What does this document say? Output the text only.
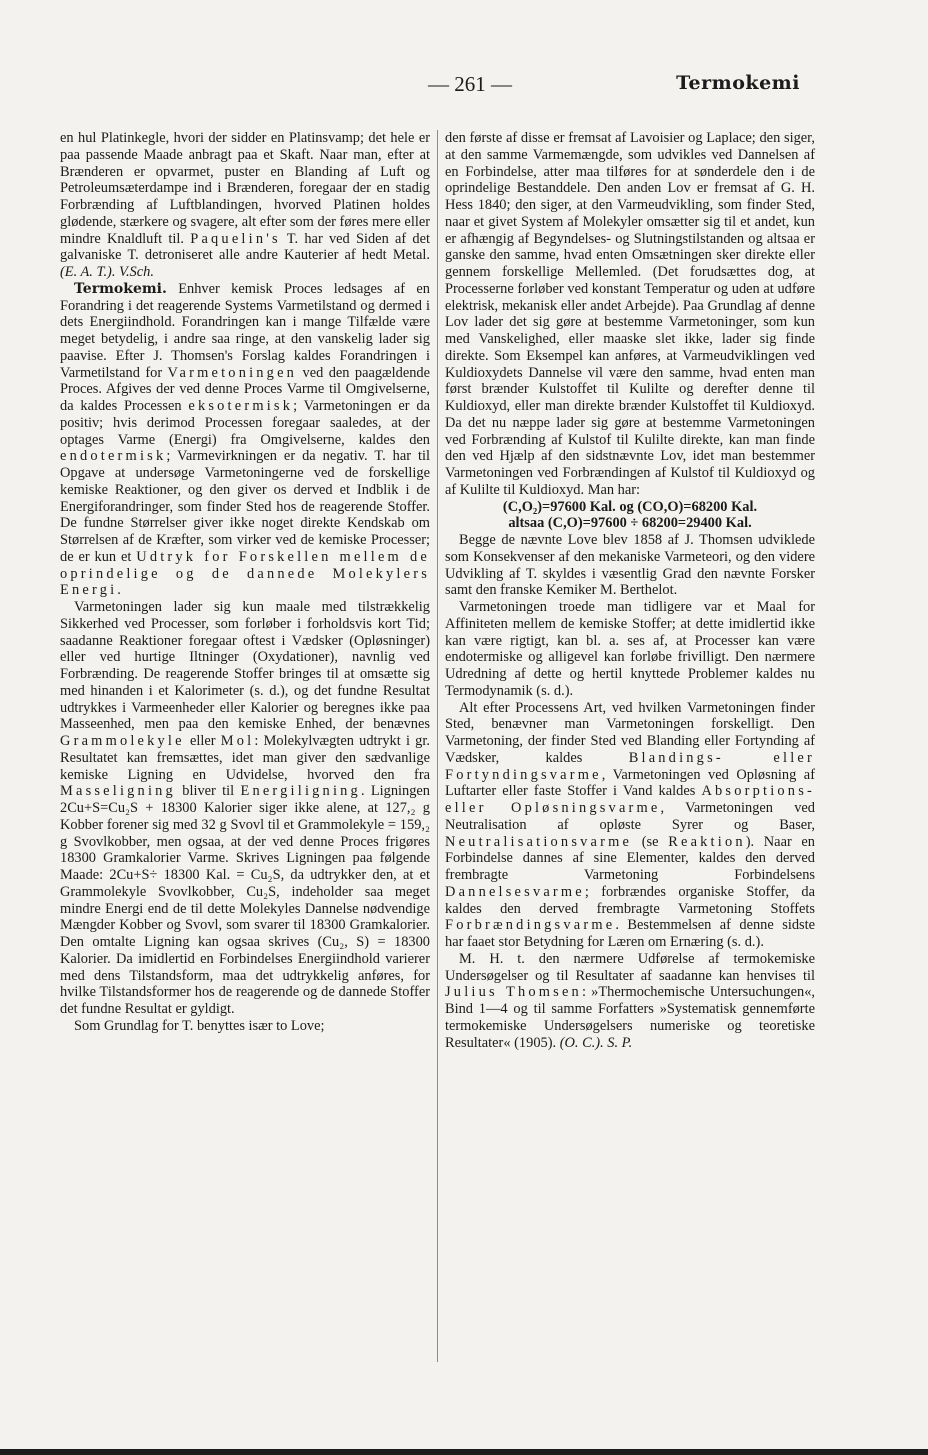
— 261 —	Termokemi

en hul Platinkegle, hvori der sidder en Platinsvamp; det hele er paa passende Maade anbragt paa et Skaft. Naar man, efter at Brænderen er opvarmet, puster en Blanding af Luft og Petroleumsæterdampe ind i Brænderen, foregaar der en stadig Forbrænding af Luftblandingen, hvorved Platinen holdes glødende, stærkere og svagere, alt efter som der føres mere eller mindre Knaldluft til. Paquelin's T. har ved Siden af det galvaniske T. detroniseret alle andre Kauterier af hedt Metal. (E. A. T.). V.Sch.

Termokemi. Enhver kemisk Proces ledsages af en Forandring i det reagerende Systems Varmetilstand og dermed i dets Energiindhold. Forandringen kan i mange Tilfælde være meget betydelig, i andre saa ringe, at den vanskelig lader sig paavise. Efter J. Thomsen's Forslag kaldes Forandringen i Varmetilstand for Varmetoningen ved den paagældende Proces. Afgives der ved denne Proces Varme til Omgivelserne, da kaldes Processen eksotermisk; Varmetoningen er da positiv; hvis derimod Processen foregaar saaledes, at der optages Varme (Energi) fra Omgivelserne, kaldes den endotermisk; Varmevirkningen er da negativ. T. har til Opgave at undersøge Varmetoningerne ved de forskellige kemiske Reaktioner, og den giver os derved et Indblik i de Energiforandringer, som finder Sted hos de reagerende Stoffer. De fundne Størrelser giver ikke noget direkte Kendskab om Størrelsen af de Kræfter, som virker ved de kemiske Processer; de er kun et Udtryk for Forskellen mellem de oprindelige og de dannede Molekylers Energi.

Varmetoningen lader sig kun maale med tilstrækkelig Sikkerhed ved Processer, som forløber i forholdsvis kort Tid; saadanne Reaktioner foregaar oftest i Vædsker (Opløsninger) eller ved hurtige Iltninger (Oxydationer), navnlig ved Forbrænding. De reagerende Stoffer bringes til at omsætte sig med hinanden i et Kalorimeter (s. d.), og det fundne Resultat udtrykkes i Varmeenheder eller Kalorier og beregnes ikke paa Masseenhed, men paa den kemiske Enhed, der benævnes Grammolekyle eller Mol: Molekylvægten udtrykt i gr. Resultatet kan fremsættes, idet man giver den sædvanlige kemiske Ligning en Udvidelse, hvorved den fra Masseligning bliver til Energiligning. Ligningen 2Cu+S=Cu₂S + 18300 Kalorier siger ikke alene, at 127,₂ g Kobber forener sig med 32 g Svovl til et Grammolekyle = 159,₂ g Svovlkobber, men ogsaa, at der ved denne Proces frigøres 18300 Gramkalorier Varme. Skrives Ligningen paa følgende Maade: 2Cu+S÷ 18300 Kal. = Cu₂S, da udtrykker den, at et Grammolekyle Svovlkobber, Cu₂S, indeholder saa meget mindre Energi end de til dette Molekyles Dannelse nødvendige Mængder Kobber og Svovl, som svarer til 18300 Gramkalorier. Den omtalte Ligning kan ogsaa skrives (Cu₂, S) = 18300 Kalorier. Da imidlertid en Forbindelses Energiindhold varierer med dens Tilstandsform, maa det udtrykkelig anføres, for hvilke Tilstandsformer hos de reagerende og de dannede Stoffer det fundne Resultat er gyldigt.

Som Grundlag for T. benyttes især to Love;

den første af disse er fremsat af Lavoisier og Laplace; den siger, at den samme Varmemængde, som udvikles ved Dannelsen af en Forbindelse, atter maa tilføres for at sønderdele den i de oprindelige Bestanddele. Den anden Lov er fremsat af G. H. Hess 1840; den siger, at den Varmeudvikling, som finder Sted, naar et givet System af Molekyler omsætter sig til et andet, kun er afhængig af Begyndelses- og Slutningstilstanden og altsaa er ganske den samme, hvad enten Omsætningen sker direkte eller gennem forskellige Mellemled. (Det forudsættes dog, at Processerne forløber ved konstant Temperatur og uden at udføre elektrisk, mekanisk eller andet Arbejde). Paa Grundlag af denne Lov lader det sig gøre at bestemme Varmetoninger, som kun med Vanskelighed, eller maaske slet ikke, lader sig finde direkte. Som Eksempel kan anføres, at Varmeudviklingen ved Kuldioxydets Dannelse vil være den samme, hvad enten man først brænder Kulstoffet til Kulilte og derefter denne til Kuldioxyd, eller man direkte brænder Kulstoffet til Kuldioxyd. Da det nu næppe lader sig gøre at bestemme Varmetoningen ved Forbrænding af Kulstof til Kulilte direkte, kan man finde den ved Hjælp af den sidstnævnte Lov, idet man bestemmer Varmetoningen ved Forbrændingen af Kulstof til Kuldioxyd og af Kulilte til Kuldioxyd. Man har:

(C,O₂)=97600 Kal. og (CO,O)=68200 Kal.

altsaa (C,O)=97600 ÷ 68200=29400 Kal.

Begge de nævnte Love blev 1858 af J. Thomsen udviklede som Konsekvenser af den mekaniske Varmeteori, og den videre Udvikling af T. skyldes i væsentlig Grad den nævnte Forsker samt den franske Kemiker M. Berthelot.

Varmetoningen troede man tidligere var et Maal for Affiniteten mellem de kemiske Stoffer; at dette imidlertid ikke kan være rigtigt, kan bl. a. ses af, at Processer kan være endotermiske og alligevel kan forløbe frivilligt. Den nærmere Udredning af dette og hertil knyttede Problemer kaldes nu Termodynamik (s. d.).

Alt efter Processens Art, ved hvilken Varmetoningen finder Sted, benævner man Varmetoningen forskelligt. Den Varmetoning, der finder Sted ved Blanding eller Fortynding af Vædsker, kaldes	Blandings- eller Fortyndingsvarme, Varmetoningen ved Opløsning af Luftarter eller faste Stoffer i Vand kaldes Absorptions- eller Opløsningsvarme, Varmetoningen ved Neutralisation af opløste Syrer og Baser, Neutralisationsvarme (se Reaktion). Naar en Forbindelse dannes af sine Elementer, kaldes den derved frembragte Varmetoning Forbindelsens Dannelsesvarme; forbrændes organiske Stoffer, da kaldes den derved frembragte Varmetoning Stoffets Forbrændingsvarme. Bestemmelsen af denne sidste har faaet stor Betydning for Læren om Ernæring (s. d.).

M. H. t. den nærmere Udførelse af termokemiske Undersøgelser og til Resultater af saadanne kan henvises til Julius Thomsen: »Thermochemische Untersuchungen«, Bind 1—4 og til samme Forfatters »Systematisk gennemførte termokemiske Undersøgelsers numeriske og teoretiske Resultater« (1905). (O. C.). S. P.
